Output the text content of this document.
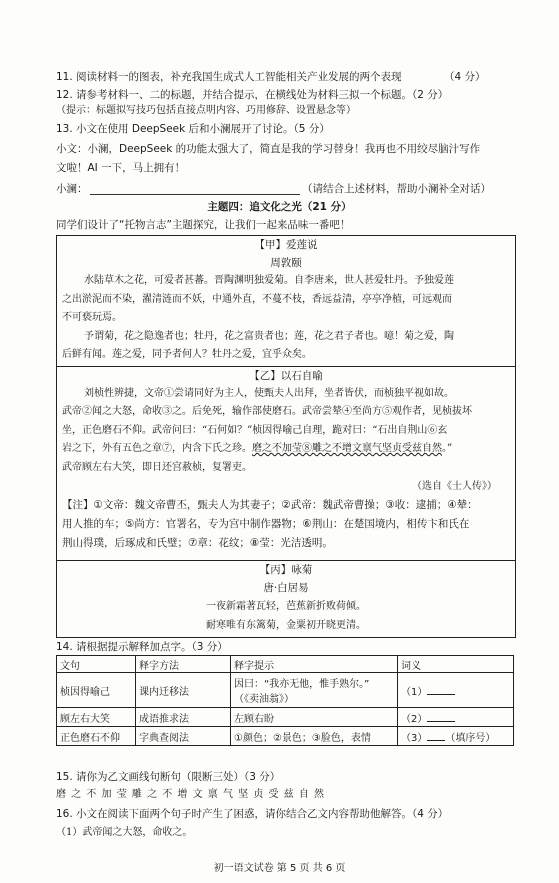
11. 阅读材料一的图表，补充我国生成式人工智能相关产业发展的两个表现	（4 分）
12. 请参考材料一、二的标题，并结合提示，在横线处为材料三拟一个标题。（2 分）
（提示：标题拟写技巧包括直接点明内容、巧用修辞、设置悬念等）
13. 小文在使用 DeepSeek 后和小澜展开了讨论。（5 分）
小文：小澜，DeepSeek 的功能太强大了，简直是我的学习替身！我再也不用绞尽脑汁写作
文啦！AI 一下，马上拥有！
小澜：	（请结合上述材料，帮助小澜补全对话）
主题四：追文化之光（21 分）
同学们设计了“托物言志”主题探究，让我们一起来品味一番吧！
【甲】爱莲说
周敦颐
水陆草木之花，可爱者甚蕃。晋陶渊明独爱菊。自李唐来，世人甚爱牡丹。予独爱莲
之出淤泥而不染，濯清涟而不妖，中通外直，不蔓不枝，香远益清，亭亭净植，可远观而
不可亵玩焉。
予谓菊，花之隐逸者也；牡丹，花之富贵者也；莲，花之君子者也。噫！菊之爱，陶
后鲜有闻。莲之爱，同予者何人？牡丹之爱，宜乎众矣。
【乙】以石自喻
刘桢性辨捷，文帝①尝请同好为主人，使甄夫人出拜，坐者皆伏，而桢独平视如故。
武帝②闻之大怒，命收③之。后免死，输作部使磨石。武帝尝辇④至尚方⑤观作者，见桢拔坏
坐，正色磨石不仰。武帝问曰：“石何如？”桢因得喻己自理，跪对曰：“石出自荆山⑥玄
岩之下，外有五色之章⑦，内含下氏之珍。磨之不加莹⑧雕之不增文禀气坚贞受兹自然。”
武帝顾左右大笑，即日还宫赦桢，复署吏。
（选自《士人传》）
【注】①文帝：魏文帝曹丕，甄夫人为其妻子；②武帝：魏武帝曹操；③收：逮捕；④辇：
用人推的车；⑤尚方：官署名，专为宫中制作器物；⑥荆山：在楚国境内，相传卞和氏在
荆山得璞，后琢成和氏璧；⑦章：花纹；⑧莹：光洁透明。
【丙】咏菊
唐·白居易
一夜新霜著瓦轻，芭蕉新折败荷倾。
耐寒唯有东篱菊，金粟初开晓更清。
14. 请根据提示解释加点字。（3 分）
文句	释字方法	释字提示	词义
桢因得喻己	课内迁移法	因曰：“我亦无他，惟手熟尔。”
（《卖油翁》）	（1）
顾左右大笑	成语推求法	左顾右盼	（2）
正色磨石不仰	字典查阅法	①颜色；②景色；③脸色，表情	（3） （填序号）
15. 请你为乙文画线句断句（限断三处）（3 分）
磨 之 不 加 莹 雕 之 不 增 文 禀 气 坚 贞 受 兹 自 然
16. 小文在阅读下面两个句子时产生了困惑，请你结合乙文内容帮助他解答。（4 分）
（1）武帝闻之大怒，命收之。
初一语文试卷 第 5 页 共 6 页
